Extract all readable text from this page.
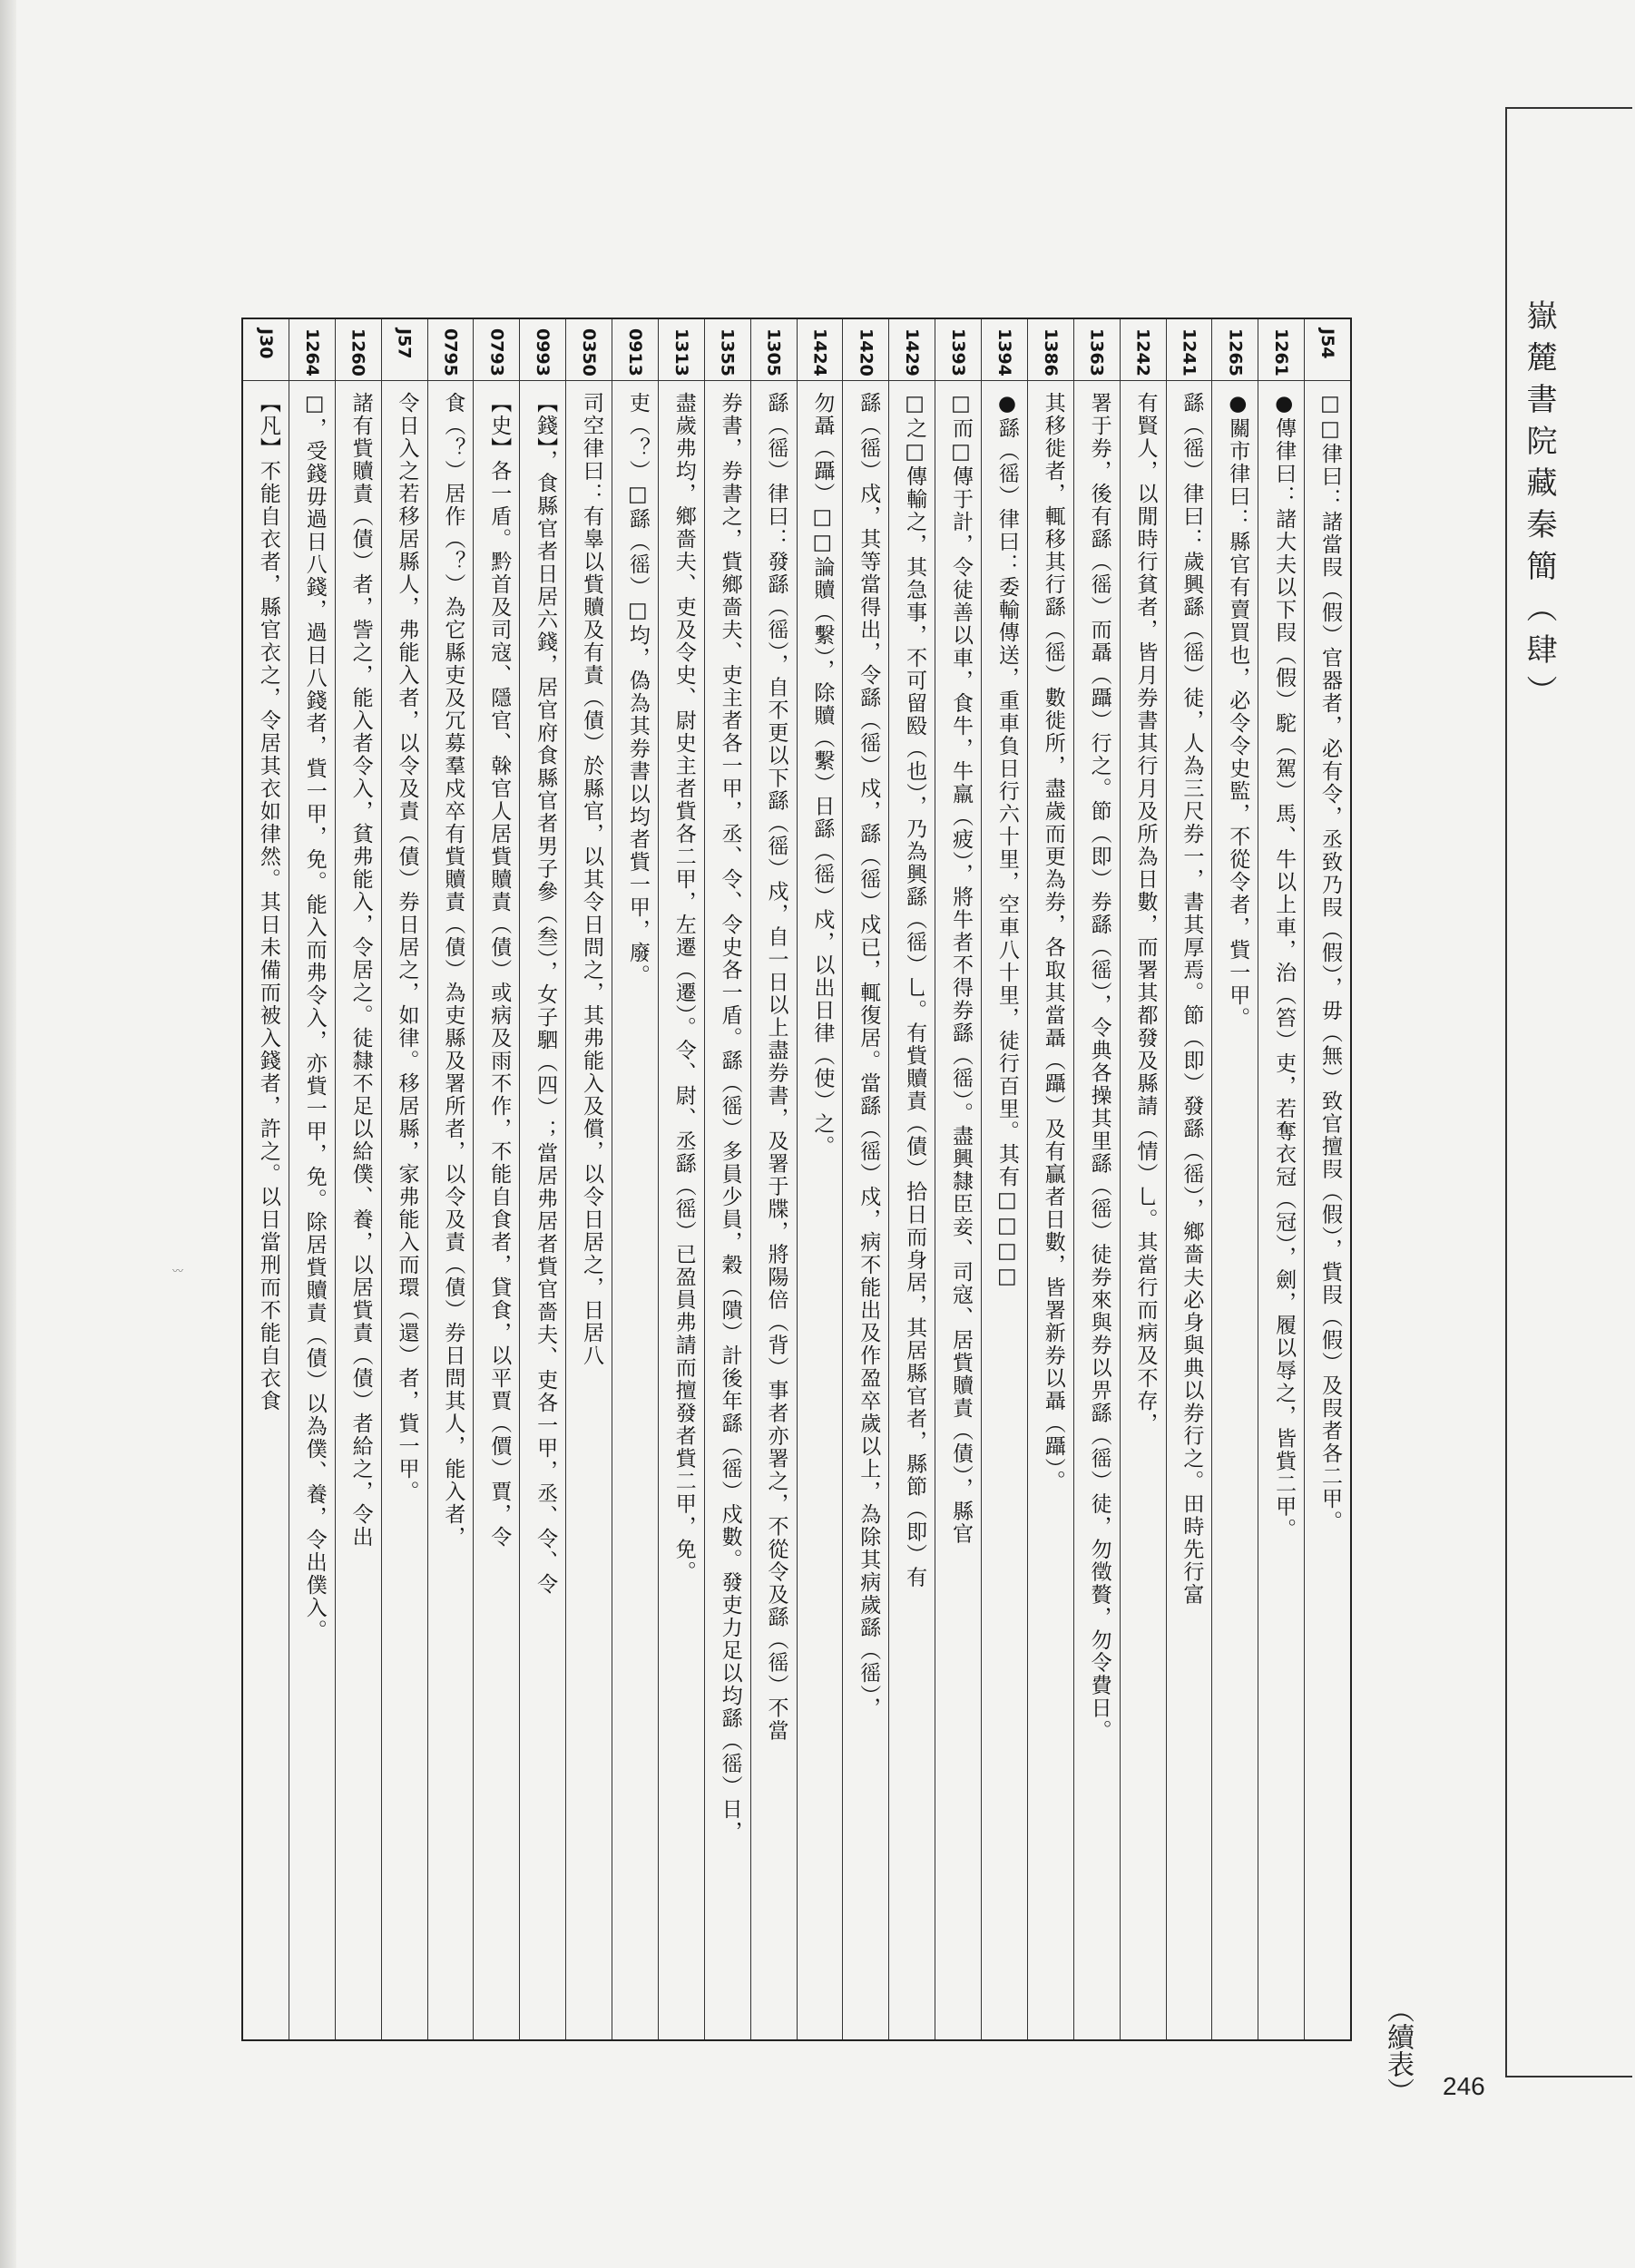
嶽麓書院藏秦簡（肆）
246
（續表）
〰
J54
□□律曰：諸當叚（假）官器者，必有令，丞致乃叚（假），毋（無）致官擅叚（假），貲叚（假）及叚者各二甲。
1261
●傳律曰：諸大夫以下叚（假）駝（駕）馬、牛以上車，治（笞）吏，若奪衣冠（冠），劍，履以辱之，皆貲二甲。
1265
●關市律曰：縣官有賣買也，必令令史監，不從令者，貲一甲。
1241
繇（徭）律曰：歲興繇（徭）徒，人為三尺券一，書其厚焉。節（即）發繇（徭），鄉嗇夫必身與典以券行之。田時先行富
1242
有賢人，以閒時行貧者，皆月券書其行月及所為日數，而署其都發及縣請（情）乚。其當行而病及不存，
1363
署于券，後有繇（徭）而聶（躡）行之。節（即）券繇（徭），令典各操其里繇（徭）徒券來與券以畀繇（徭）徒，勿徵贅，勿令費日。
1386
其移徙者，輒移其行繇（徭）數徙所，盡歲而更為券，各取其當聶（躡）及有贏者日數，皆署新券以聶（躡）。
1394
●繇（徭）律曰：委輸傳送，重車負日行六十里，空車八十里，徒行百里。其有□□□□
1393
□而□傳于計，令徒善以車，食牛，牛羸（疲），將牛者不得券繇（徭）。盡興隸臣妾、司寇、居貲贖責（債），縣官
1429
□之□傳輸之，其急事，不可留殹（也），乃為興繇（徭）乚。有貲贖責（債）拾日而身居，其居縣官者，縣節（即）有
1420
繇（徭）戍，其等當得出，令繇（徭）戍，繇（徭）戍已，輒復居。當繇（徭）戍，病不能出及作盈卒歲以上，為除其病歲繇（徭），
1424
勿聶（躡）□□論贖（繫），除贖（繫）日繇（徭）戍，以出日律（使）之。
1305
繇（徭）律曰：發繇（徭），自不更以下繇（徭）戍，自一日以上盡券書，及署于牒，將陽倍（背）事者亦署之，不從令及繇（徭）不當
1355
券書，券書之，貲鄉嗇夫、吏主者各一甲，丞、令、令史各一盾。繇（徭）多員少員，穀（隤）計後年繇（徭）戍數。發吏力足以均繇（徭）日，
1313
盡歲弗均，鄉嗇夫、吏及令史、尉史主者貲各二甲，左遷（遷）。令、尉、丞繇（徭）已盈員弗請而擅發者貲二甲，免。
0913
吏（？）□繇（徭）□均，偽為其券書以均者貲一甲，廢。
0350
司空律曰：有辠以貲贖及有責（債）於縣官，以其令日問之，其弗能入及償，以令日居之，日居八
0993
【錢】，食縣官者日居六錢，居官府食縣官者男子參（叁），女子駟（四）；當居弗居者貲官嗇夫、吏各一甲，丞、令、令
0793
【史】各一盾。黔首及司寇、隱官、榦官人居貲贖責（債）或病及雨不作，不能自食者，貸食，以平賈（價）賈，令
0795
食（？）居作（？）為它縣吏及冗募羣戍卒有貲贖責（債）為吏縣及署所者，以令及責（債）券日問其人，能入者，
J57
令日入之若移居縣人，弗能入者，以令及責（債）券日居之，如律。移居縣，家弗能入而環（還）者，貲一甲。
1260
諸有貲贖責（債）者，訾之，能入者令入，貧弗能入，令居之。徒隸不足以給僕、養，以居貲責（債）者給之，令出
1264
□，受錢毋過日八錢，過日八錢者，貲一甲，免。能入而弗令入，亦貲一甲，免。除居貲贖責（債）以為僕、養，令出僕入。
J30
【凡】不能自衣者，縣官衣之，令居其衣如律然。其日未備而被入錢者，許之。以日當刑而不能自衣食
